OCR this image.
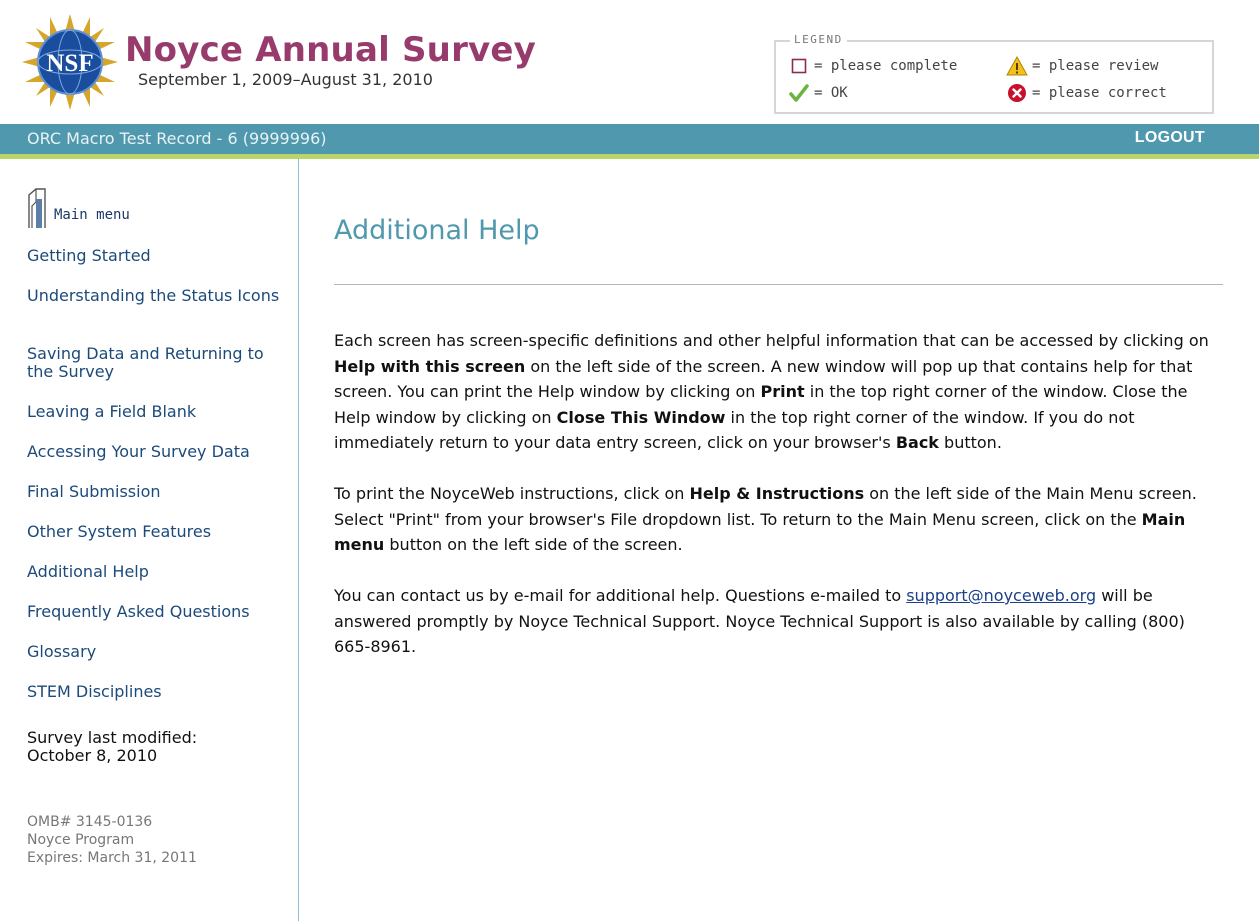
NSF Noyce Annual Survey
September 1, 2009–August 31, 2010
LEGEND
= please complete	= please review
= OK	= please correct
ORC Macro Test Record - 6 (9999996)	LOGOUT
Main menu
Getting Started
Understanding the Status Icons
Saving Data and Returning to the Survey
Leaving a Field Blank
Accessing Your Survey Data
Final Submission
Other System Features
Additional Help
Frequently Asked Questions
Glossary
STEM Disciplines
Survey last modified:
October 8, 2010
OMB# 3145-0136
Noyce Program
Expires: March 31, 2011
Additional Help

Each screen has screen-specific definitions and other helpful information that can be accessed by clicking on Help with this screen on the left side of the screen. A new window will pop up that contains help for that screen. You can print the Help window by clicking on Print in the top right corner of the window. Close the Help window by clicking on Close This Window in the top right corner of the window. If you do not immediately return to your data entry screen, click on your browser's Back button.

To print the NoyceWeb instructions, click on Help & Instructions on the left side of the Main Menu screen. Select "Print" from your browser's File dropdown list. To return to the Main Menu screen, click on the Main menu button on the left side of the screen.

You can contact us by e-mail for additional help. Questions e-mailed to support@noyceweb.org will be answered promptly by Noyce Technical Support. Noyce Technical Support is also available by calling (800) 665-8961.
